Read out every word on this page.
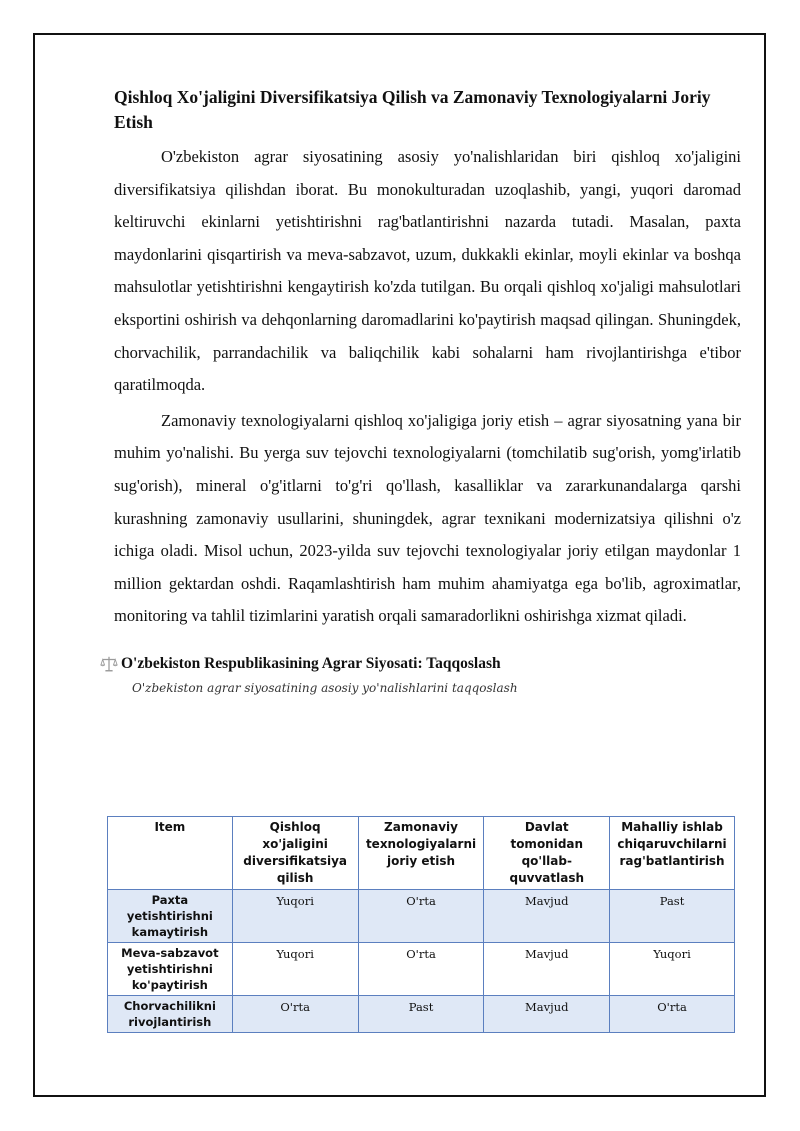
Qishloq Xo'jaligini Diversifikatsiya Qilish va Zamonaviy Texnologiyalarni Joriy Etish

O'zbekiston agrar siyosatining asosiy yo'nalishlaridan biri qishloq xo'jaligini diversifikatsiya qilishdan iborat. Bu monokulturadan uzoqlashib, yangi, yuqori daromad keltiruvchi ekinlarni yetishtirishni rag'batlantirishni nazarda tutadi. Masalan, paxta maydonlarini qisqartirish va meva-sabzavot, uzum, dukkakli ekinlar, moyli ekinlar va boshqa mahsulotlar yetishtirishni kengaytirish ko'zda tutilgan. Bu orqali qishloq xo'jaligi mahsulotlari eksportini oshirish va dehqonlarning daromadlarini ko'paytirish maqsad qilingan. Shuningdek, chorvachilik, parrandachilik va baliqchilik kabi sohalarni ham rivojlantirishga e'tibor qaratilmoqda.

Zamonaviy texnologiyalarni qishloq xo'jaligiga joriy etish – agrar siyosatning yana bir muhim yo'nalishi. Bu yerga suv tejovchi texnologiyalarni (tomchilatib sug'orish, yomg'irlatib sug'orish), mineral o'g'itlarni to'g'ri qo'llash, kasalliklar va zararkunandalarga qarshi kurashning zamonaviy usullarini, shuningdek, agrar texnikani modernizatsiya qilishni o'z ichiga oladi. Misol uchun, 2023-yilda suv tejovchi texnologiyalar joriy etilgan maydonlar 1 million gektardan oshdi. Raqamlashtirish ham muhim ahamiyatga ega bo'lib, agroximatlar, monitoring va tahlil tizimlarini yaratish orqali samaradorlikni oshirishga xizmat qiladi.

O'zbekiston Respublikasining Agrar Siyosati: Taqqoslash
O'zbekiston agrar siyosatining asosiy yo'nalishlarini taqqoslash
Item	Qishloq xo'jaligini diversifikatsiya qilish	Zamonaviy texnologiyalarni joriy etish	Davlat tomonidan qo'llab-quvvatlash	Mahalliy ishlab chiqaruvchilarni rag'batlantirish
Paxta yetishtirishni kamaytirish	Yuqori	O'rta	Mavjud	Past
Meva-sabzavot yetishtirishni ko'paytirish	Yuqori	O'rta	Mavjud	Yuqori
Chorvachilikni rivojlantirish	O'rta	Past	Mavjud	O'rta
